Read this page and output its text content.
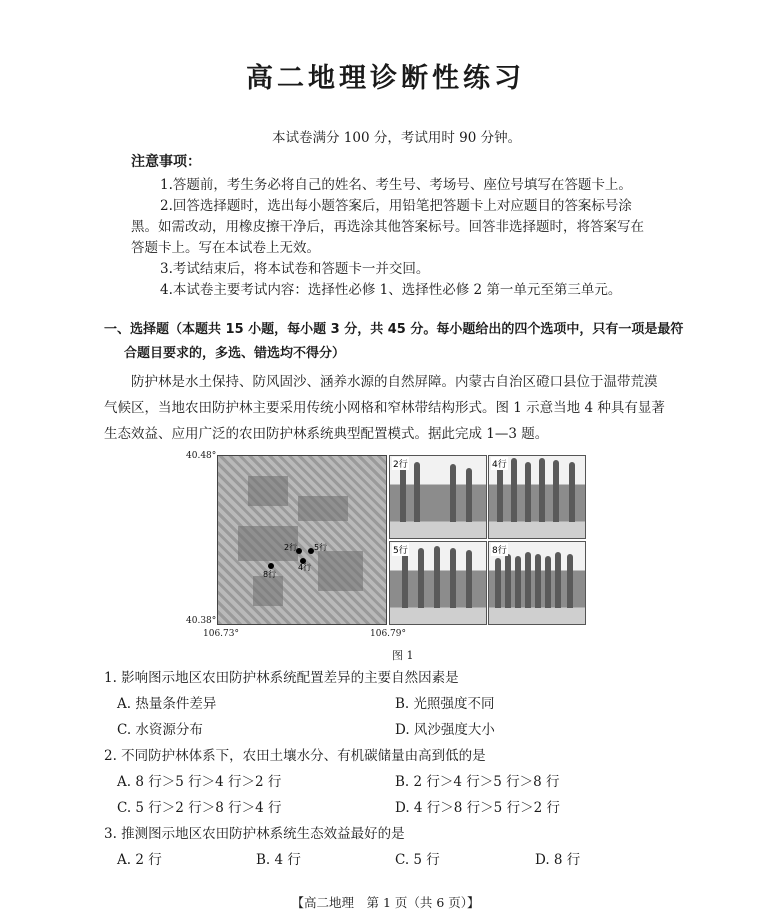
高二地理诊断性练习
本试卷满分 100 分，考试用时 90 分钟。
注意事项：
1.答题前，考生务必将自己的姓名、考生号、考场号、座位号填写在答题卡上。
2.回答选择题时，选出每小题答案后，用铅笔把答题卡上对应题目的答案标号涂
黑。如需改动，用橡皮擦干净后，再选涂其他答案标号。回答非选择题时，将答案写在
答题卡上。写在本试卷上无效。
3.考试结束后，将本试卷和答题卡一并交回。
4.本试卷主要考试内容：选择性必修 1、选择性必修 2 第一单元至第三单元。
一、选择题（本题共 15 小题，每小题 3 分，共 45 分。每小题给出的四个选项中，只有一项是最符
合题目要求的，多选、错选均不得分）
防护林是水土保持、防风固沙、涵养水源的自然屏障。内蒙古自治区磴口县位于温带荒漠
气候区，当地农田防护林主要采用传统小网格和窄林带结构形式。图 1 示意当地 4 种具有显著
生态效益、应用广泛的农田防护林系统典型配置模式。据此完成 1—3 题。
40.48°
40.38°
106.73°	106.79°
2行 5行
4行
8行
2行	4行
5行	8行
图 1
1. 影响图示地区农田防护林系统配置差异的主要自然因素是
A. 热量条件差异	B. 光照强度不同
C. 水资源分布	D. 风沙强度大小
2. 不同防护林体系下，农田土壤水分、有机碳储量由高到低的是
A. 8 行＞5 行＞4 行＞2 行	B. 2 行＞4 行＞5 行＞8 行
C. 5 行＞2 行＞8 行＞4 行	D. 4 行＞8 行＞5 行＞2 行
3. 推测图示地区农田防护林系统生态效益最好的是
A. 2 行	B. 4 行	C. 5 行	D. 8 行
【高二地理　第 1 页（共 6 页）】
